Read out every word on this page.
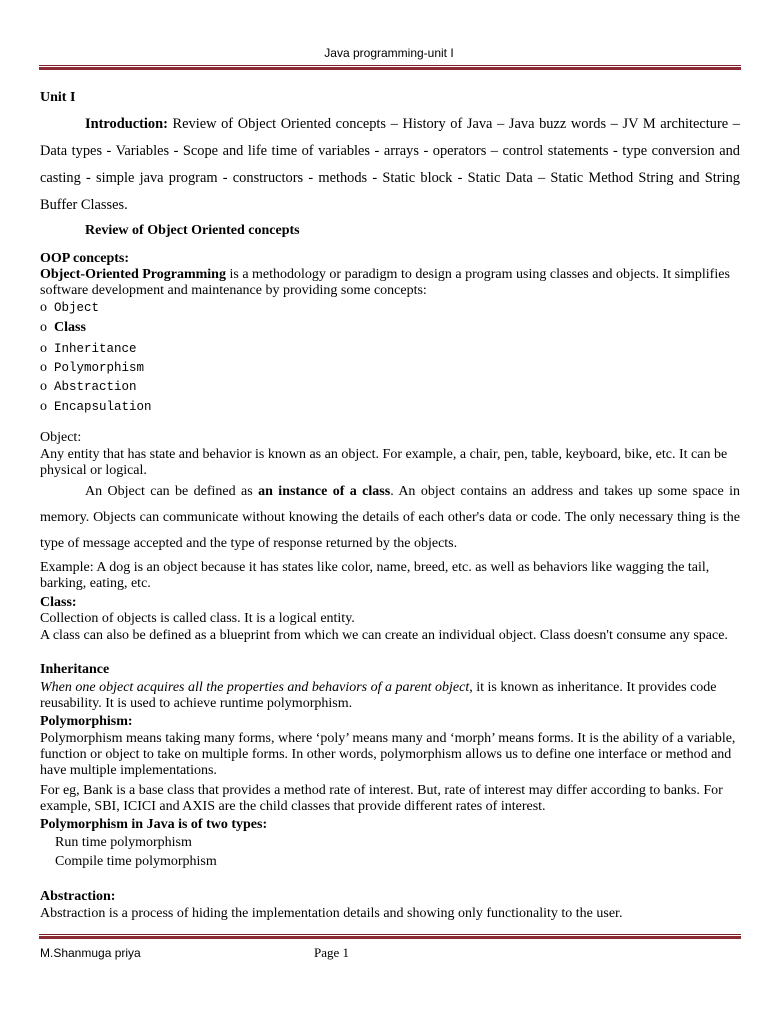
Java programming-unit I
Unit I
Introduction: Review of Object Oriented concepts – History of Java – Java buzz words – JV M architecture – Data types - Variables - Scope and life time of variables - arrays - operators – control statements - type conversion and casting - simple java program - constructors - methods - Static block - Static Data – Static Method String and String Buffer Classes.
Review of Object Oriented concepts
OOP concepts:
Object-Oriented Programming is a methodology or paradigm to design a program using classes and objects. It simplifies software development and maintenance by providing some concepts:
o Object
o Class
o Inheritance
o Polymorphism
o Abstraction
o Encapsulation
Object:
Any entity that has state and behavior is known as an object. For example, a chair, pen, table, keyboard, bike, etc. It can be physical or logical.
An Object can be defined as an instance of a class. An object contains an address and takes up some space in memory. Objects can communicate without knowing the details of each other's data or code. The only necessary thing is the type of message accepted and the type of response returned by the objects.
Example: A dog is an object because it has states like color, name, breed, etc. as well as behaviors like wagging the tail, barking, eating, etc.
Class:
Collection of objects is called class. It is a logical entity.
A class can also be defined as a blueprint from which we can create an individual object. Class doesn't consume any space.
Inheritance
When one object acquires all the properties and behaviors of a parent object, it is known as inheritance. It provides code reusability. It is used to achieve runtime polymorphism.
Polymorphism:
Polymorphism means taking many forms, where ‘poly’ means many and ‘morph’ means forms. It is the ability of a variable, function or object to take on multiple forms. In other words, polymorphism allows us to define one interface or method and have multiple implementations.
For eg, Bank is a base class that provides a method rate of interest. But, rate of interest may differ according to banks. For example, SBI, ICICI and AXIS are the child classes that provide different rates of interest.
Polymorphism in Java is of two types:
Run time polymorphism
Compile time polymorphism
Abstraction:
Abstraction is a process of hiding the implementation details and showing only functionality to the user.
M.Shanmuga priya	Page 1
